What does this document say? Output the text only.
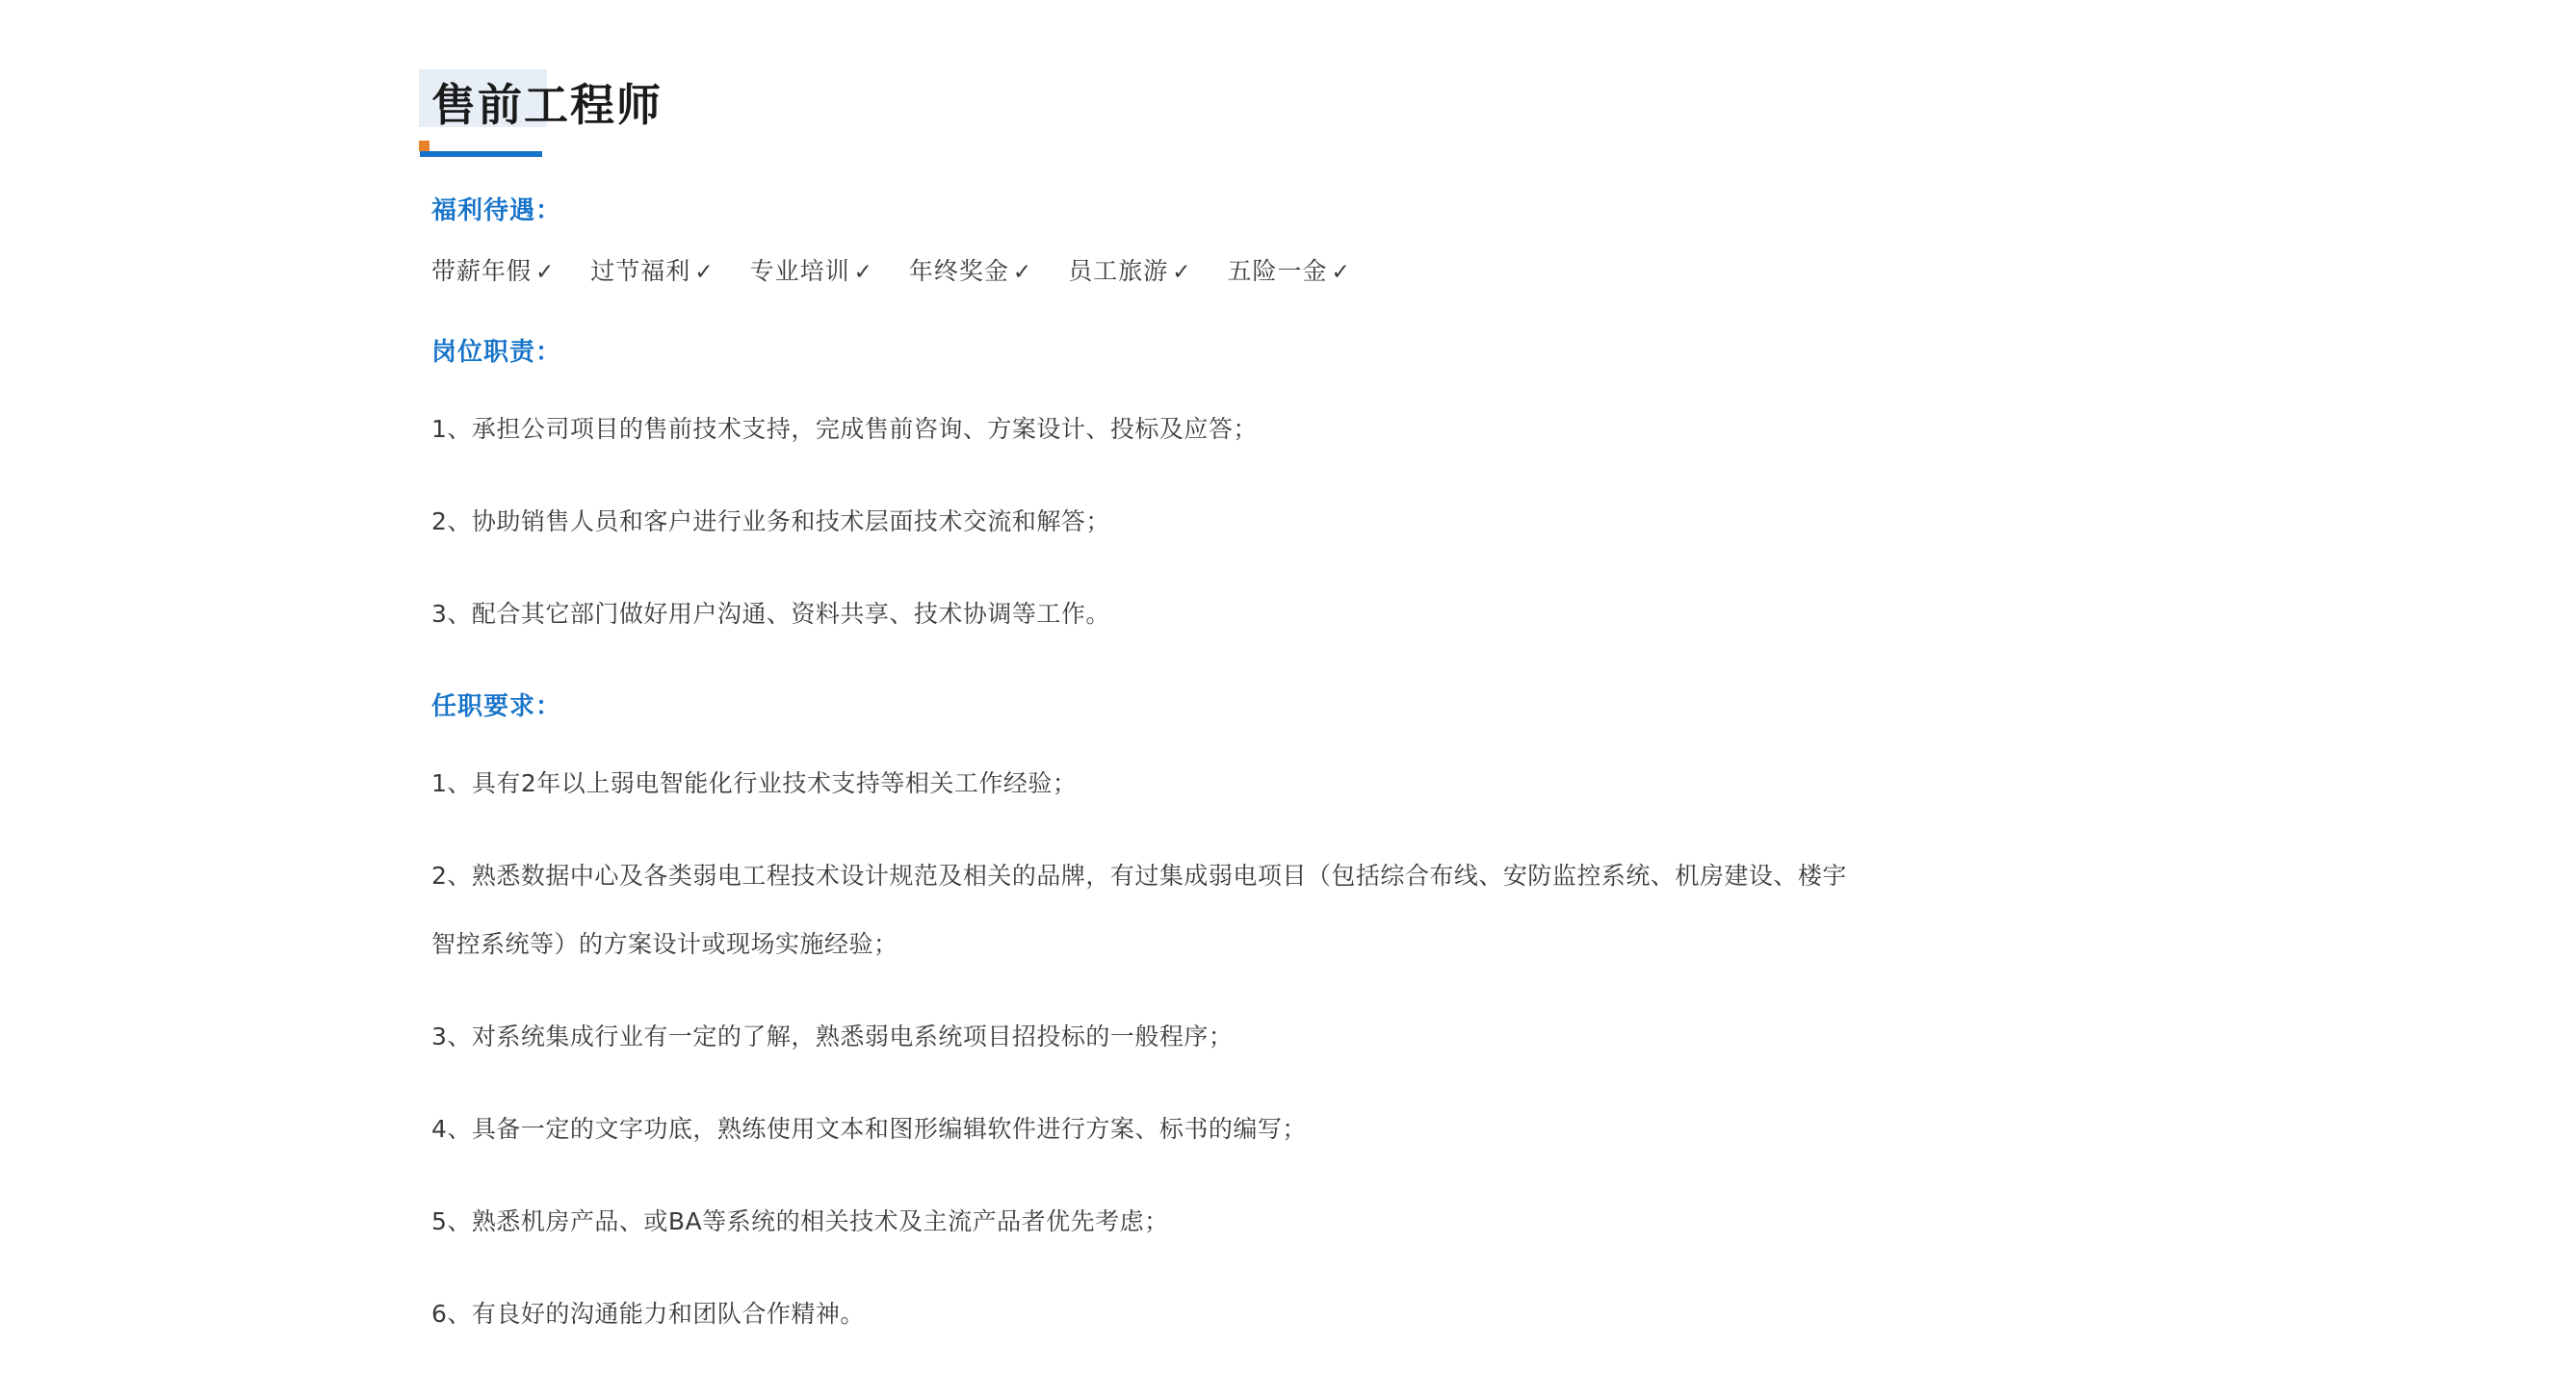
售前工程师
福利待遇：
带薪年假 ✓ 过节福利 ✓ 专业培训 ✓ 年终奖金 ✓ 员工旅游 ✓ 五险一金 ✓
岗位职责：

1、承担公司项目的售前技术支持，完成售前咨询、方案设计、投标及应答；

2、协助销售人员和客户进行业务和技术层面技术交流和解答；

3、配合其它部门做好用户沟通、资料共享、技术协调等工作。

任职要求：

1、具有2年以上弱电智能化行业技术支持等相关工作经验；

2、熟悉数据中心及各类弱电工程技术设计规范及相关的品牌，有过集成弱电项目（包括综合布线、安防监控系统、机房建设、楼宇智控系统等）的方案设计或现场实施经验；

3、对系统集成行业有一定的了解，熟悉弱电系统项目招投标的一般程序；

4、具备一定的文字功底，熟练使用文本和图形编辑软件进行方案、标书的编写；

5、熟悉机房产品、或BA等系统的相关技术及主流产品者优先考虑；

6、有良好的沟通能力和团队合作精神。
